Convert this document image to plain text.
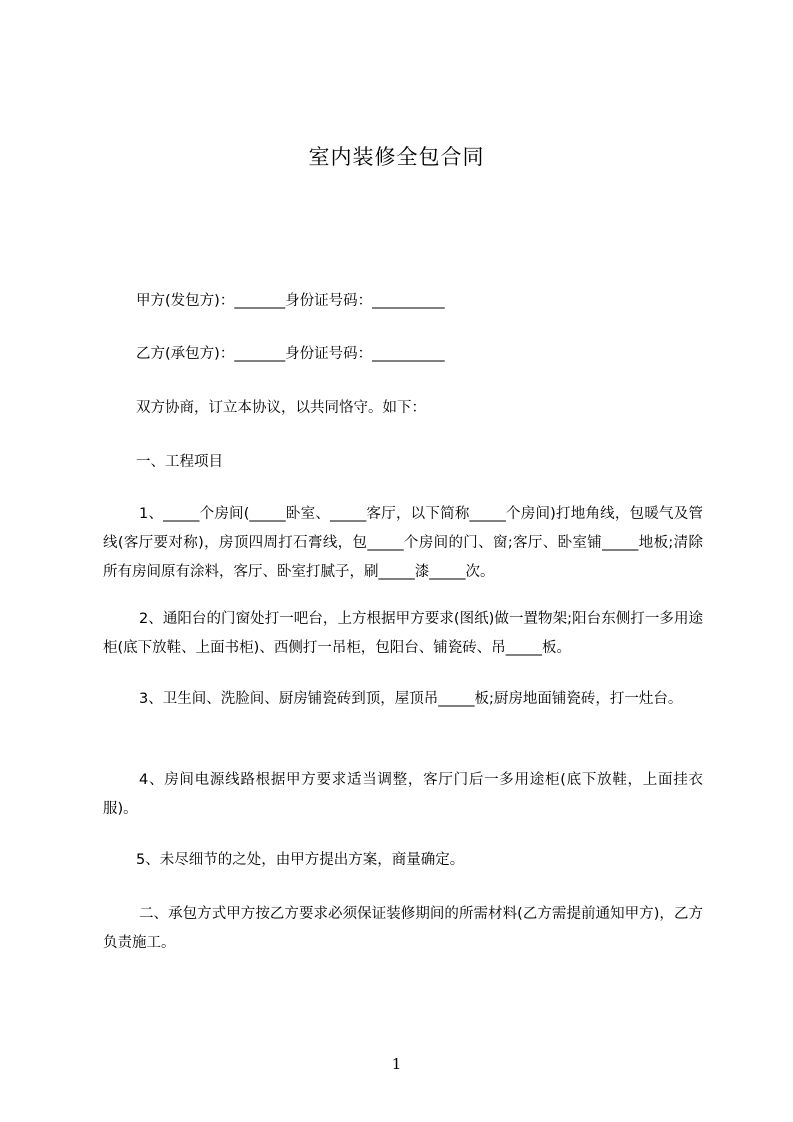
室内装修全包合同
甲方(发包方)：_______身份证号码：__________
乙方(承包方)：_______身份证号码：__________
双方协商，订立本协议，以共同恪守。如下：
一、工程项目
1、_____个房间(_____卧室、_____客厅，以下简称_____个房间)打地角线，包暖气及管线(客厅要对称)，房顶四周打石膏线，包_____个房间的门、窗;客厅、卧室铺_____地板;清除所有房间原有涂料，客厅、卧室打腻子，刷_____漆_____次。
2、通阳台的门窗处打一吧台，上方根据甲方要求(图纸)做一置物架;阳台东侧打一多用途柜(底下放鞋、上面书柜)、西侧打一吊柜，包阳台、铺瓷砖、吊_____板。
3、卫生间、洗脸间、厨房铺瓷砖到顶，屋顶吊_____板;厨房地面铺瓷砖，打一灶台。
4、房间电源线路根据甲方要求适当调整，客厅门后一多用途柜(底下放鞋，上面挂衣服)。
5、未尽细节的之处，由甲方提出方案，商量确定。
二、承包方式甲方按乙方要求必须保证装修期间的所需材料(乙方需提前通知甲方)，乙方负责施工。
1
